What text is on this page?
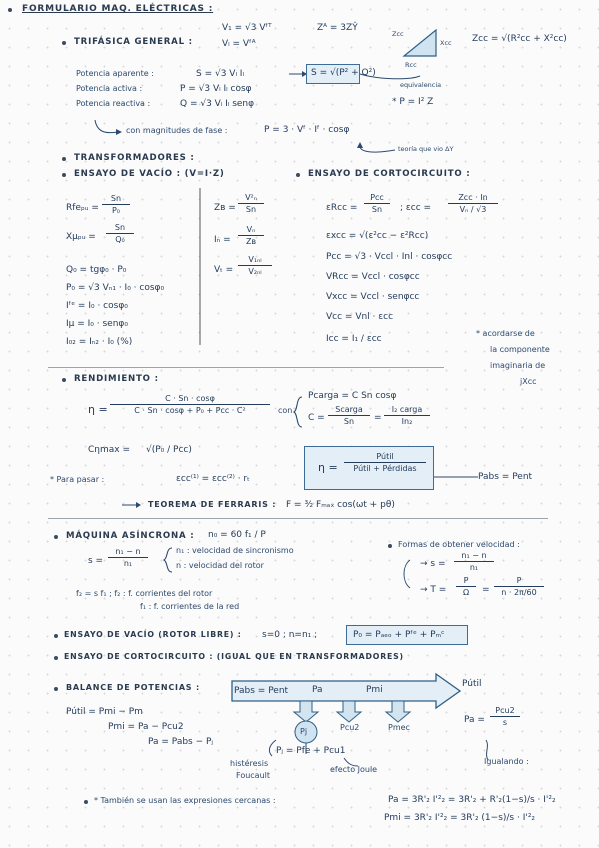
FORMULARIO MAQ. ELÉCTRICAS :
TRIFÁSICA GENERAL :
V₁ = √3 Vᶠᵀ
Vₗ = Vᶠᴬ
Zᴬ = 3ZŶ
Zcc
Xcc
Rcc
Zcc = √(R²cc + X²cc)
Potencia aparente :	S = √3 Vₗ Iₗ	S = √(P² + Q²)
equivalencia
Potencia activa :	P = √3 Vₗ Iₗ cosφ
* P = I² Z
Potencia reactiva :	Q = √3 Vₗ Iₗ senφ
con magnitudes de fase :	P = 3 · Vᶠ · Iᶠ · cosφ
teoría que vio ΔY
TRANSFORMADORES :
ENSAYO DE VACÍO : (V=I·Z)	ENSAYO DE CORTOCIRCUITO :
Rfeₚᵤ = $\frac{Sn}{\text{P₀}}$
Xμₚᵤ = $\frac{Sn}{\text{Q₀}}$
Q₀ = tgφ₀ · P₀
P₀ = √3 Vₙ₁ · I₀ · cosφ₀
Iᶠᵉ = I₀ · cosφ₀
Iμ = I₀ · senφ₀
I₀₂ = Iₙ₂ · I₀ (%)
Zʙ = $\frac{\text{V²ₙ}}{Sn}$
$I_n = \frac{\text{Vₙ}}{\text{Zʙ}}$
$V_t = \frac{\text{V₁ₙₗ}}{\text{V₂ₙₗ}}$
εRcc =
Pcc
Sn	; εcc =
Zcc · In
Vₙ / √3
εxcc = √(ε²cc − ε²Rcc)
Pcc = √3 · Vccl · Inl · cosφcc
VRcc = Vccl · cosφcc
Vxcc = Vccl · senφcc
Vcc = Vnl · εcc
Icc = I₁ / εcc
* acordarse de
la componente
imaginaria de
jXcc
RENDIMIENTO :
η =
C · Sn · cosφ
C · Sn · cosφ + P₀ + Pcc · C²	con
Pcarga = C Sn cosφ
C =
Scarga
Sn	=
I₂ carga
In₂
Cηmax = √(P₀ / Pcc)
* Para pasar :	εcc⁽¹⁾ = εcc⁽²⁾ · rₜ
η =
Pútil
Pútil + Pérdidas
Pabs = Pent
TEOREMA DE FERRARIS : F = ³⁄₂ Fₘₐₓ cos(ωt + pθ)
MÁQUINA ASÍNCRONA : n₀ = 60 f₁ / P
$s = \frac{\text{n₁ − n}}{\text{n₁}}$	n₁ : velocidad de sincronismo
n : velocidad del rotor
f₂ = s f₁ ; f₂ : f. corrientes del rotor
f₁ : f. corrientes de la red
Formas de obtener velocidad :
→ $s = \frac{\text{n₁ − n}}{\text{n₁}}$
→ $T = \frac{P}{\Omega} = \frac{P}{n \cdot 2\pi/60}$
ENSAYO DE VACÍO (ROTOR LIBRE) : s=0 ; n=n₁ ;	P₀ = Pₐₑₒ + Pᶠᵉ + Pₘᶜ
ENSAYO DE CORTOCIRCUITO : (IGUAL QUE EN TRANSFORMADORES)
BALANCE DE POTENCIAS :	Pabs = Pent	Pa	Pmi
Pútil
Pj	Pcu2	Pmec
Pútil = Pmi − Pm
Pmi = Pa − Pcu2
Pa = Pabs − Pⱼ
Pⱼ = Pfe + Pcu1
histéresis
Foucault
efecto Joule
Pa =
Pcu2
s
Igualando :
* También se usan las expresiones cercanas :	Pa = 3R'₂ I'²₂ = 3R'₂ + R'₂(1−s)/s · I'²₂
Pmi = 3R'₂ I'²₂ = 3R'₂ (1−s)/s · I'²₂
